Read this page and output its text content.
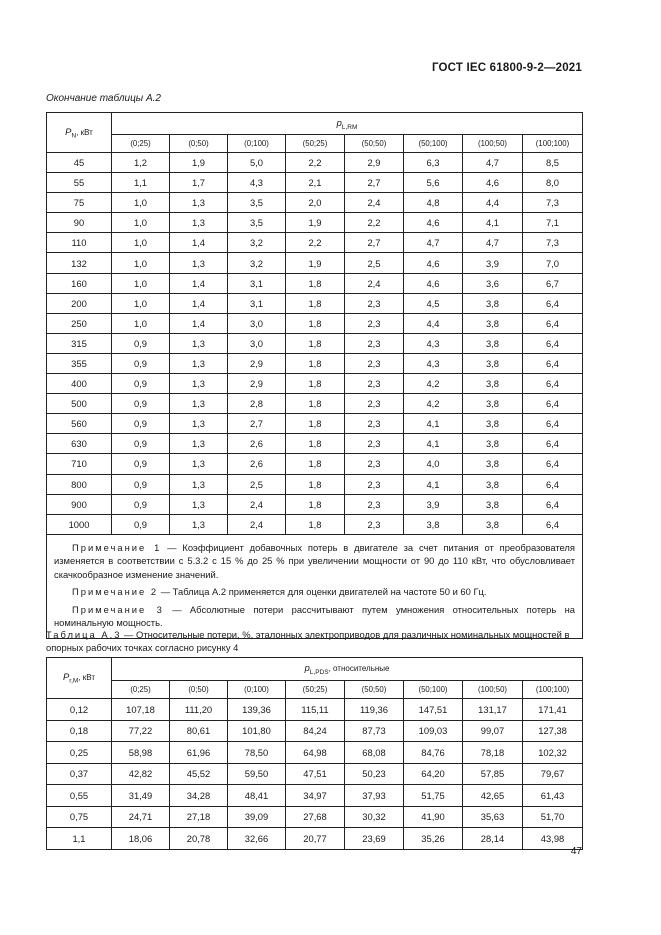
ГОСТ IEC 61800-9-2—2021
Окончание таблицы А.2
$P_N$, кВт	$p_{L,RM}$
	(0;25)	(0;50)	(0;100)	(50;25)	(50;50)	(50;100)	(100;50)	(100;100)
45	1,2	1,9	5,0	2,2	2,9	6,3	4,7	8,5
55	1,1	1,7	4,3	2,1	2,7	5,6	4,6	8,0
75	1,0	1,3	3,5	2,0	2,4	4,8	4,4	7,3
90	1,0	1,3	3,5	1,9	2,2	4,6	4,1	7,1
110	1,0	1,4	3,2	2,2	2,7	4,7	4,7	7,3
132	1,0	1,3	3,2	1,9	2,5	4,6	3,9	7,0
160	1,0	1,4	3,1	1,8	2,4	4,6	3,6	6,7
200	1,0	1,4	3,1	1,8	2,3	4,5	3,8	6,4
250	1,0	1,4	3,0	1,8	2,3	4,4	3,8	6,4
315	0,9	1,3	3,0	1,8	2,3	4,3	3,8	6,4
355	0,9	1,3	2,9	1,8	2,3	4,3	3,8	6,4
400	0,9	1,3	2,9	1,8	2,3	4,2	3,8	6,4
500	0,9	1,3	2,8	1,8	2,3	4,2	3,8	6,4
560	0,9	1,3	2,7	1,8	2,3	4,1	3,8	6,4
630	0,9	1,3	2,6	1,8	2,3	4,1	3,8	6,4
710	0,9	1,3	2,6	1,8	2,3	4,0	3,8	6,4
800	0,9	1,3	2,5	1,8	2,3	4,1	3,8	6,4
900	0,9	1,3	2,4	1,8	2,3	3,9	3,8	6,4
1000	0,9	1,3	2,4	1,8	2,3	3,8	3,8	6,4

Примечание 1 — Коэффициент добавочных потерь в двигателе за счет питания от преобразователя изменяется в соответствии с 5.3.2 с 15 % до 25 % при увеличении мощности от 90 до 110 кВт, что обусловливает скачкообразное изменение значений.

Примечание 2 — Таблица А.2 применяется для оценки двигателей на частоте 50 и 60 Гц.

Примечание 3 — Абсолютные потери рассчитывают путем умножения относительных потерь на номинальную мощность.								

Таблица А.3 — Относительные потери, %, эталонных электроприводов для различных номинальных мощностей в опорных рабочих точках согласно рисунку 4
$P_{r,M}$, кВт	$p_{L,PDS}$, относительные							
	(0;25)	(0;50)	(0;100)	(50;25)	(50;50)	(50;100)	(100;50)	(100;100)
0,12	107,18	111,20	139,36	115,11	119,36	147,51	131,17	171,41
0,18	77,22	80,61	101,80	84,24	87,73	109,03	99,07	127,38
0,25	58,98	61,96	78,50	64,98	68,08	84,76	78,18	102,32
0,37	42,82	45,52	59,50	47,51	50,23	64,20	57,85	79,67
0,55	31,49	34,28	48,41	34,97	37,93	51,75	42,65	61,43
0,75	24,71	27,18	39,09	27,68	30,32	41,90	35,63	51,70
1,1	18,06	20,78	32,66	20,77	23,69	35,26	28,14	43,98
47
